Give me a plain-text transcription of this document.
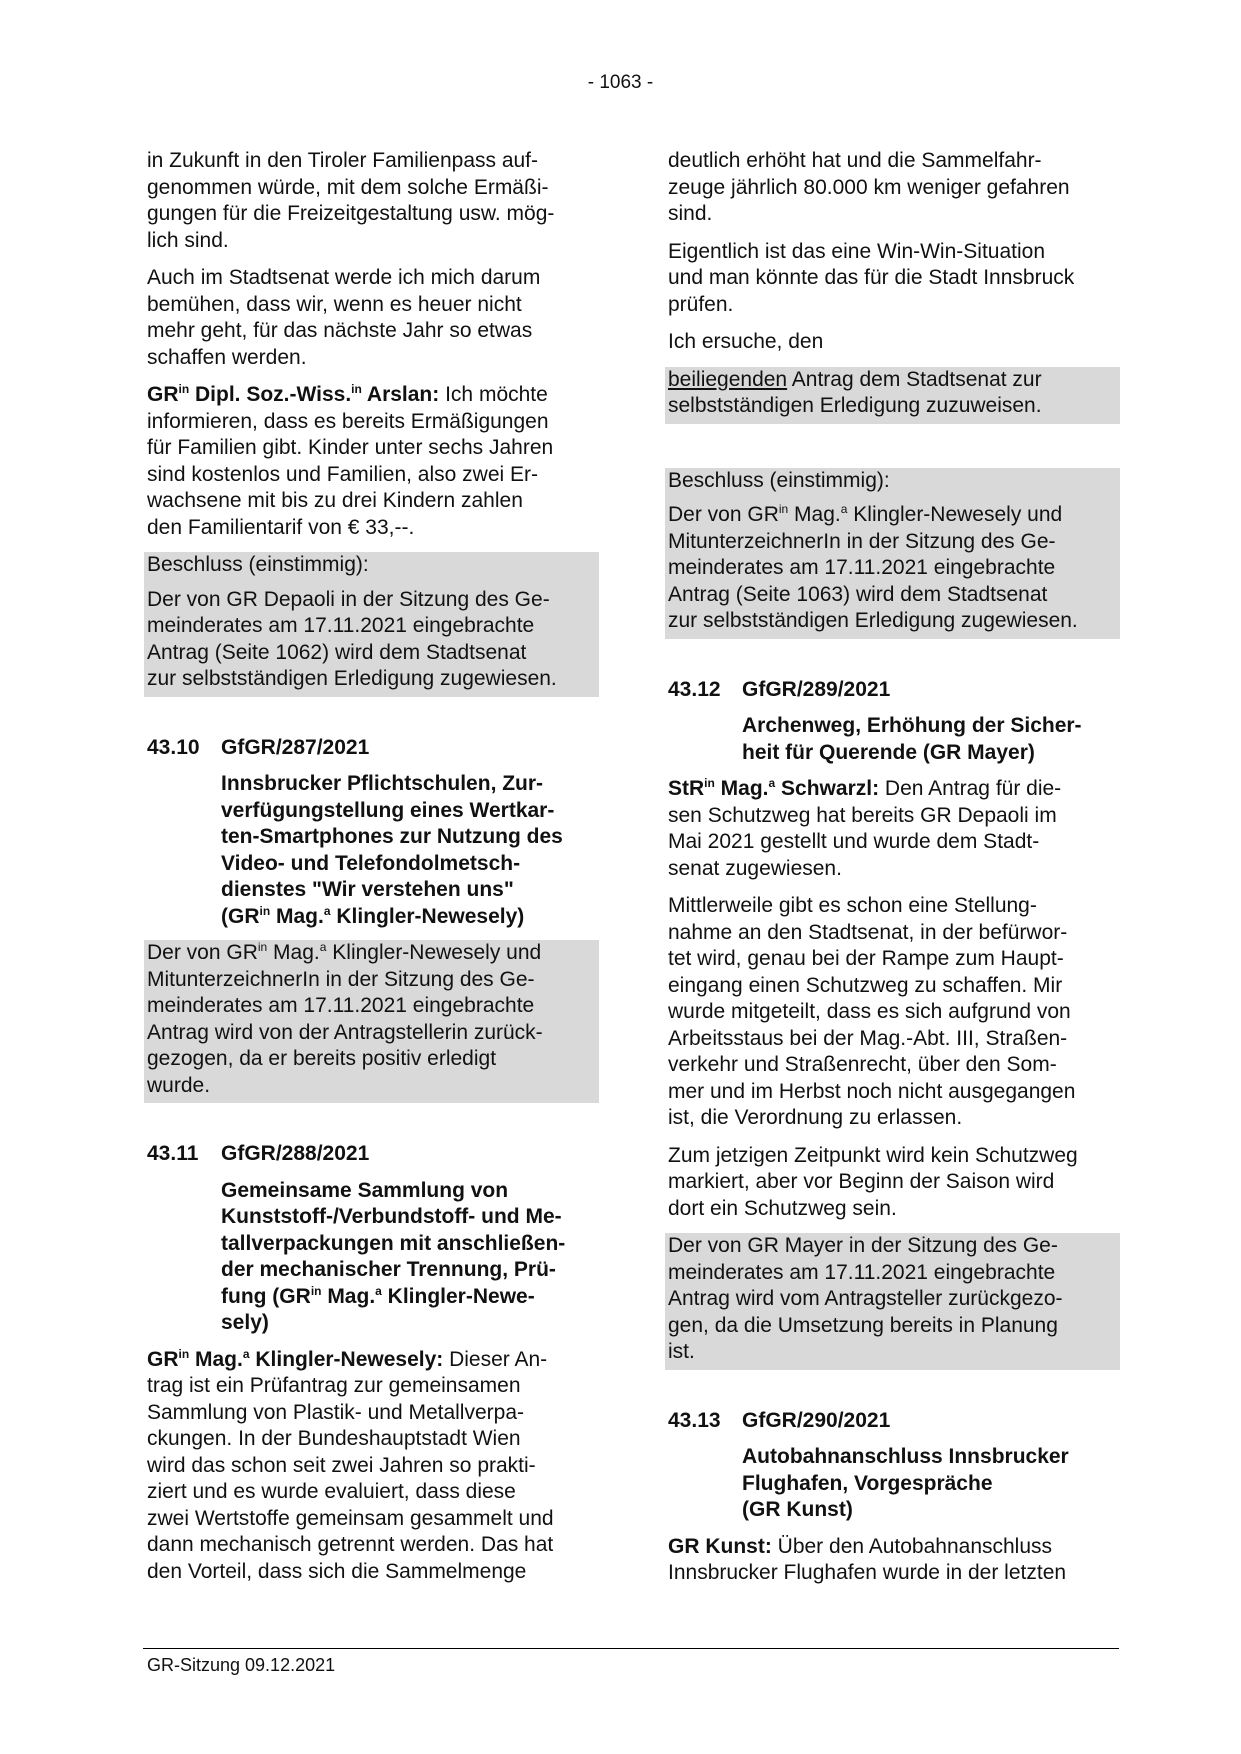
- 1063 -

in Zukunft in den Tiroler Familienpass auf-
genommen würde, mit dem solche Ermäßi-
gungen für die Freizeitgestaltung usw. mög-
lich sind.

Auch im Stadtsenat werde ich mich darum
bemühen, dass wir, wenn es heuer nicht
mehr geht, für das nächste Jahr so etwas
schaffen werden.

$GR^{in}$ Dipl. Soz.-Wiss.$^{in}$ Arslan: Ich möchte
informieren, dass es bereits Ermäßigungen
für Familien gibt. Kinder unter sechs Jahren
sind kostenlos und Familien, also zwei Er-
wachsene mit bis zu drei Kindern zahlen
den Familientarif von € 33,--.

Beschluss (einstimmig):

Der von GR Depaoli in der Sitzung des Ge-
meinderates am 17.11.2021 eingebrachte
Antrag (Seite 1062) wird dem Stadtsenat
zur selbstständigen Erledigung zugewiesen.

43.10 GfGR/287/2021
Innsbrucker Pflichtschulen, Zur-
verfügungstellung eines Wertkar-
ten-Smartphones zur Nutzung des
Video- und Telefondolmetsch-
dienstes "Wir verstehen uns"
($GR^{in}$ Mag.$^a$ Klingler-Newesely)

Der von $GR^{in}$ Mag.$^a$ Klingler-Newesely und
MitunterzeichnerIn in der Sitzung des Ge-
meinderates am 17.11.2021 eingebrachte
Antrag wird von der Antragstellerin zurück-
gezogen, da er bereits positiv erledigt
wurde.

43.11 GfGR/288/2021
Gemeinsame Sammlung von
Kunststoff-/Verbundstoff- und Me-
tallverpackungen mit anschließen-
der mechanischer Trennung, Prü-
fung ($GR^{in}$ Mag.$^a$ Klingler-Newe-
sely)

$GR^{in}$ Mag.$^a$ Klingler-Newesely: Dieser An-
trag ist ein Prüfantrag zur gemeinsamen
Sammlung von Plastik- und Metallverpa-
ckungen. In der Bundeshauptstadt Wien
wird das schon seit zwei Jahren so prakti-
ziert und es wurde evaluiert, dass diese
zwei Wertstoffe gemeinsam gesammelt und
dann mechanisch getrennt werden. Das hat
den Vorteil, dass sich die Sammelmenge

deutlich erhöht hat und die Sammelfahr-
zeuge jährlich 80.000 km weniger gefahren
sind.

Eigentlich ist das eine Win-Win-Situation
und man könnte das für die Stadt Innsbruck
prüfen.

Ich ersuche, den

beiliegenden Antrag dem Stadtsenat zur
selbstständigen Erledigung zuzuweisen.

Beschluss (einstimmig):

Der von $GR^{in}$ Mag.$^a$ Klingler-Newesely und
MitunterzeichnerIn in der Sitzung des Ge-
meinderates am 17.11.2021 eingebrachte
Antrag (Seite 1063) wird dem Stadtsenat
zur selbstständigen Erledigung zugewiesen.

43.12 GfGR/289/2021
Archenweg, Erhöhung der Sicher-
heit für Querende (GR Mayer)

StR$^{in}$ Mag.$^a$ Schwarzl: Den Antrag für die-
sen Schutzweg hat bereits GR Depaoli im
Mai 2021 gestellt und wurde dem Stadt-
senat zugewiesen.

Mittlerweile gibt es schon eine Stellung-
nahme an den Stadtsenat, in der befürwor-
tet wird, genau bei der Rampe zum Haupt-
eingang einen Schutzweg zu schaffen. Mir
wurde mitgeteilt, dass es sich aufgrund von
Arbeitsstaus bei der Mag.-Abt. III, Straßen-
verkehr und Straßenrecht, über den Som-
mer und im Herbst noch nicht ausgegangen
ist, die Verordnung zu erlassen.

Zum jetzigen Zeitpunkt wird kein Schutzweg
markiert, aber vor Beginn der Saison wird
dort ein Schutzweg sein.

Der von GR Mayer in der Sitzung des Ge-
meinderates am 17.11.2021 eingebrachte
Antrag wird vom Antragsteller zurückgezo-
gen, da die Umsetzung bereits in Planung
ist.

43.13 GfGR/290/2021
Autobahnanschluss Innsbrucker
Flughafen, Vorgespräche
(GR Kunst)

GR Kunst: Über den Autobahnanschluss
Innsbrucker Flughafen wurde in der letzten

GR-Sitzung 09.12.2021
